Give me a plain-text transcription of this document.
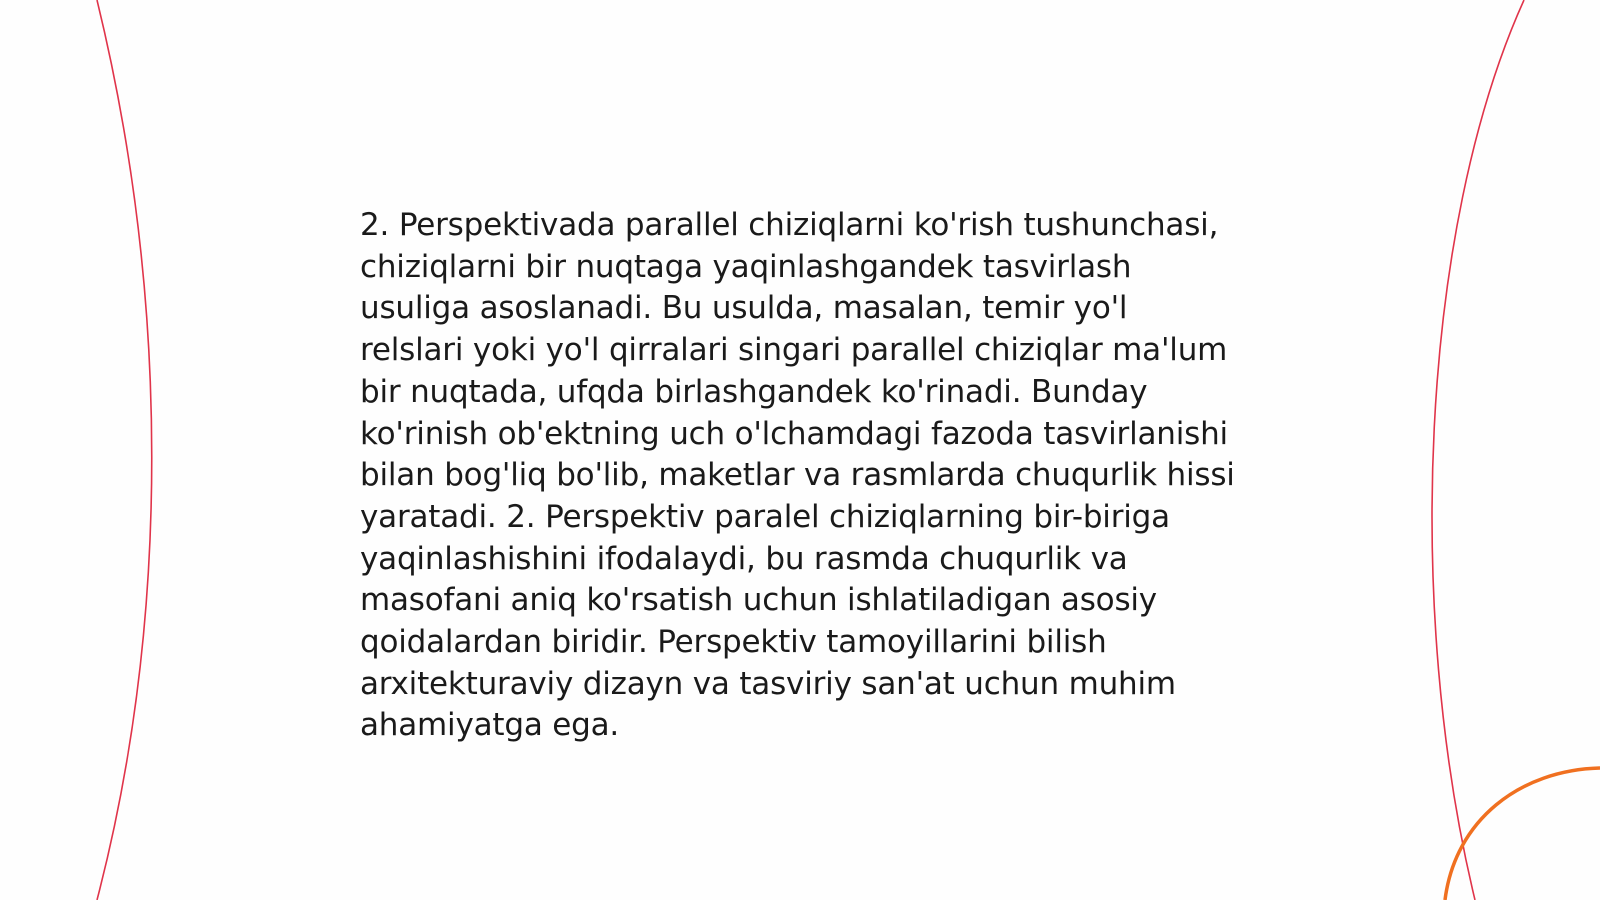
2. Perspektivada parallel chiziqlarni ko'rish tushunchasi, chiziqlarni bir nuqtaga yaqinlashgandek tasvirlash usuliga asoslanadi. Bu usulda, masalan, temir yo'l relslari yoki yo'l qirralari singari parallel chiziqlar ma'lum bir nuqtada, ufqda birlashgandek ko'rinadi. Bunday ko'rinish ob'ektning uch o'lchamdagi fazoda tasvirlanishi bilan bog'liq bo'lib, maketlar va rasmlarda chuqurlik hissi yaratadi. 2. Perspektiv paralel chiziqlarning bir-biriga yaqinlashishini ifodalaydi, bu rasmda chuqurlik va masofani aniq ko'rsatish uchun ishlatiladigan asosiy qoidalardan biridir. Perspektiv tamoyillarini bilish arxitekturaviy dizayn va tasviriy san'at uchun muhim ahamiyatga ega.
